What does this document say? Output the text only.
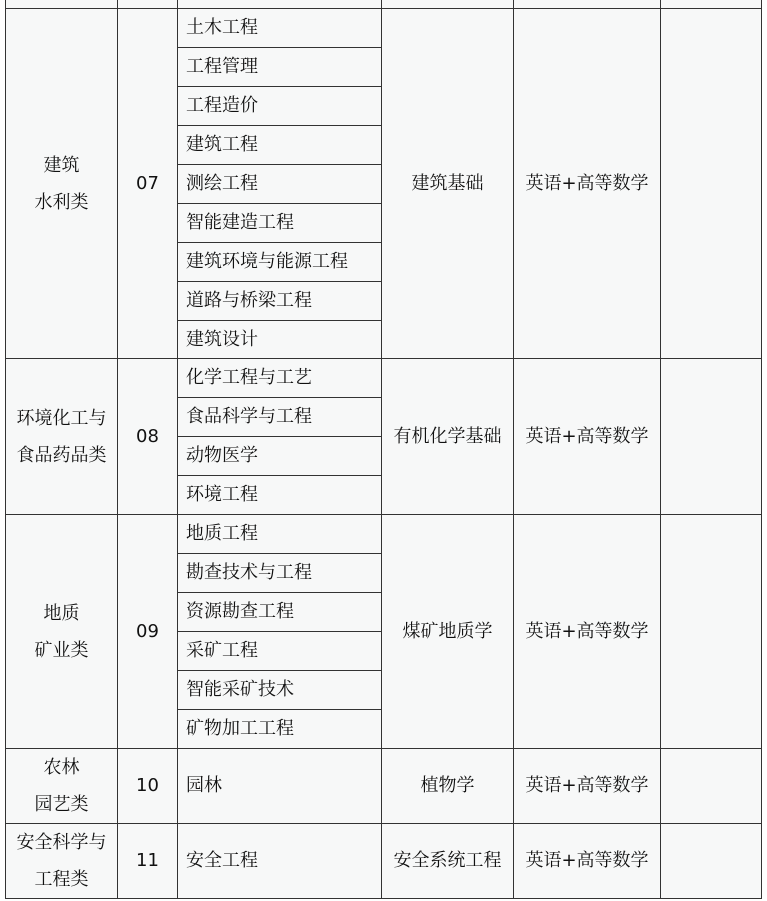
建筑
水利类	07	土木工程	建筑基础	英语+高等数学	
		工程管理			
		工程造价			
		建筑工程			
		测绘工程			
		智能建造工程			
		建筑环境与能源工程			
		道路与桥梁工程			
		建筑设计			

环境化工与
食品药品类	08	化学工程与工艺	有机化学基础	英语+高等数学	
		食品科学与工程			
		动物医学			
		环境工程			

地质
矿业类	09	地质工程	煤矿地质学	英语+高等数学	
		勘查技术与工程			
		资源勘查工程			
		采矿工程			
		智能采矿技术			
		矿物加工工程			

农林
园艺类	10	园林	植物学	英语+高等数学	

安全科学与
工程类	11	安全工程	安全系统工程	英语+高等数学	
